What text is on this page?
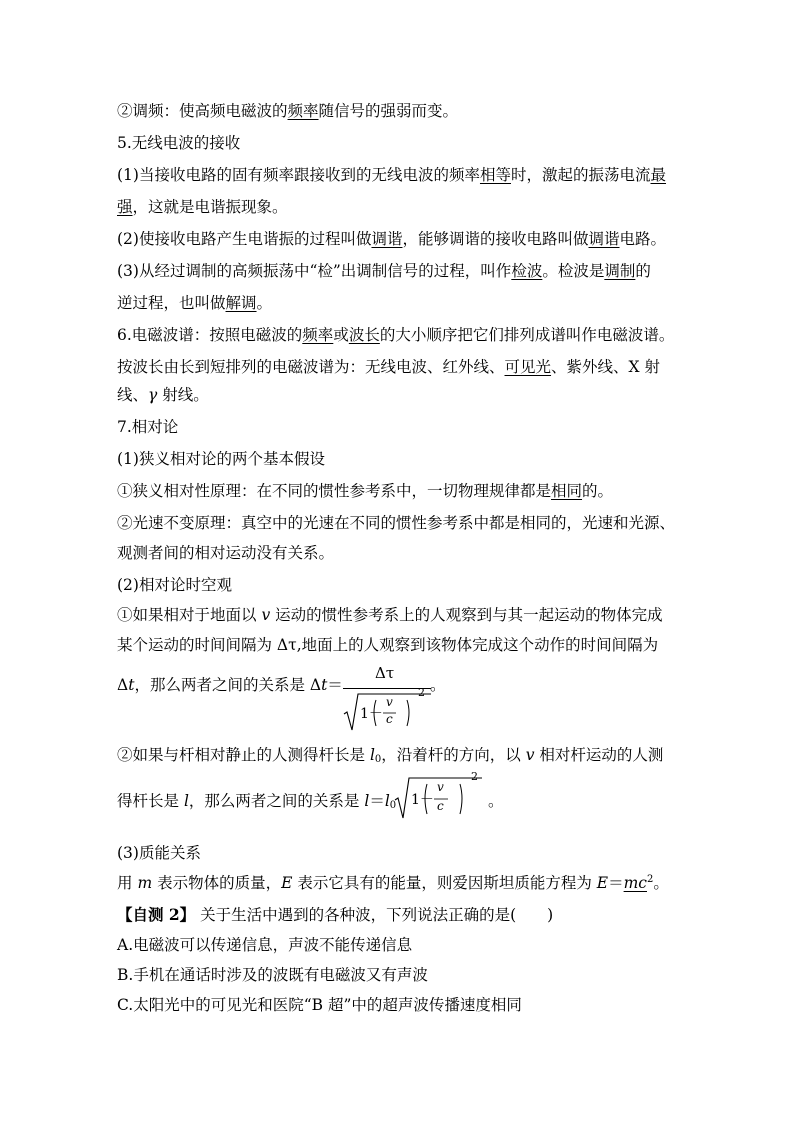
②调频：使高频电磁波的频率随信号的强弱而变。
5.无线电波的接收
(1)当接收电路的固有频率跟接收到的无线电波的频率相等时，激起的振荡电流最
强，这就是电谐振现象。
(2)使接收电路产生电谐振的过程叫做调谐，能够调谐的接收电路叫做调谐电路。
(3)从经过调制的高频振荡中“检”出调制信号的过程，叫作检波。检波是调制的
逆过程，也叫做解调。
6.电磁波谱：按照电磁波的频率或波长的大小顺序把它们排列成谱叫作电磁波谱。
按波长由长到短排列的电磁波谱为：无线电波、红外线、可见光、紫外线、X 射
线、γ 射线。
7.相对论
(1)狭义相对论的两个基本假设
①狭义相对性原理：在不同的惯性参考系中，一切物理规律都是相同的。
②光速不变原理：真空中的光速在不同的惯性参考系中都是相同的，光速和光源、
观测者间的相对运动没有关系。
(2)相对论时空观
①如果相对于地面以 v 运动的惯性参考系上的人观察到与其一起运动的物体完成
某个运动的时间间隔为 Δτ,地面上的人观察到该物体完成这个动作的时间间隔为
Δt，那么两者之间的关系是 Δt＝
Δτ
1－
v
c
2 。
②如果与杆相对静止的人测得杆长是 $l_0$，沿着杆的方向，以 v 相对杆运动的人测
得杆长是 l，那么两者之间的关系是 $l=l_0$ 1－
v
c
2
。
(3)质能关系
用 m 表示物体的质量，E 表示它具有的能量，则爱因斯坦质能方程为 $E=mc^2$。
【自测 2】 关于生活中遇到的各种波，下列说法正确的是(　　)
A.电磁波可以传递信息，声波不能传递信息
B.手机在通话时涉及的波既有电磁波又有声波
C.太阳光中的可见光和医院“B 超”中的超声波传播速度相同
